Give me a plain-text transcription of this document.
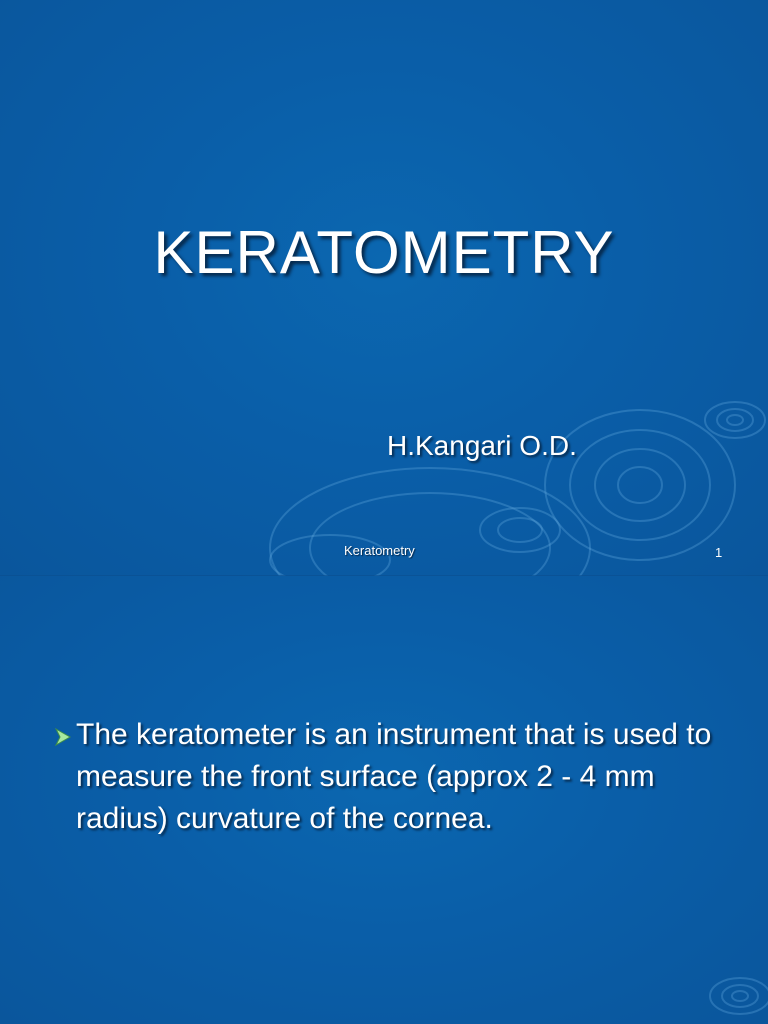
KERATOMETRY
H.Kangari O.D.
Keratometry	1
The keratometer is an instrument that is used to measure the front surface (approx 2 - 4 mm radius) curvature of the cornea.
